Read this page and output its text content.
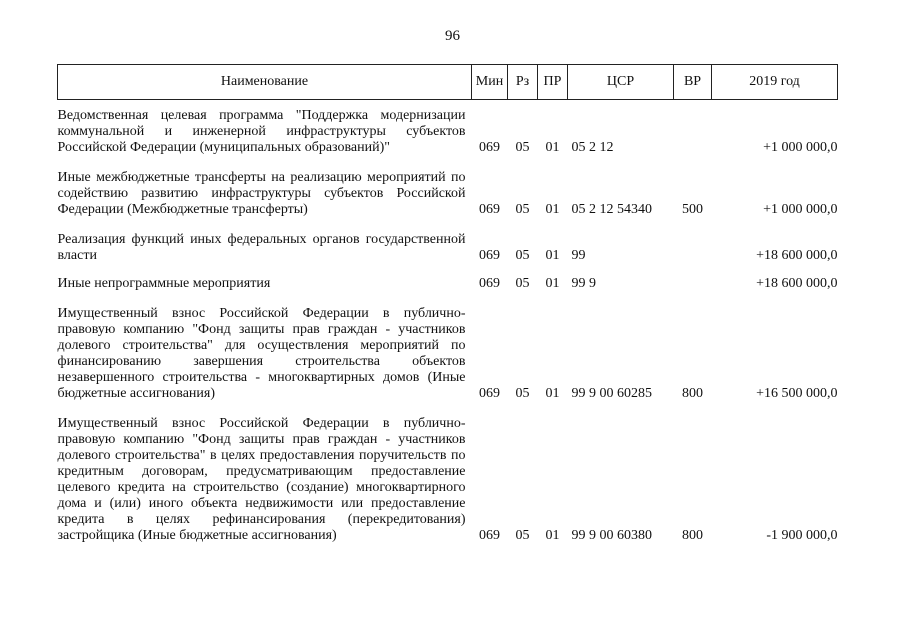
96
Наименование	Мин	Рз	ПР	ЦСР	ВР	2019 год
Ведомственная целевая программа "Поддержка модернизации коммунальной и инженерной инфраструктуры субъектов Российской Федерации (муниципальных образований)"	069	05	01	05 2 12		+1 000 000,0
Иные межбюджетные трансферты на реализацию мероприятий по содействию развитию инфраструктуры субъектов Российской Федерации (Межбюджетные трансферты)	069	05	01	05 2 12 54340	500	+1 000 000,0
Реализация функций иных федеральных органов государственной власти	069	05	01	99		+18 600 000,0
Иные непрограммные мероприятия	069	05	01	99 9		+18 600 000,0
Имущественный взнос Российской Федерации в публично-правовую компанию "Фонд защиты прав граждан - участников долевого строительства" для осуществления мероприятий по финансированию завершения строительства объектов незавершенного строительства - многоквартирных домов (Иные бюджетные ассигнования)	069	05	01	99 9 00 60285	800	+16 500 000,0
Имущественный взнос Российской Федерации в публично-правовую компанию "Фонд защиты прав граждан - участников долевого строительства" в целях предоставления поручительств по кредитным договорам, предусматривающим предоставление целевого кредита на строительство (создание) многоквартирного дома и (или) иного объекта недвижимости или предоставление кредита в целях рефинансирования (перекредитования) застройщика (Иные бюджетные ассигнования)	069	05	01	99 9 00 60380	800	-1 900 000,0
